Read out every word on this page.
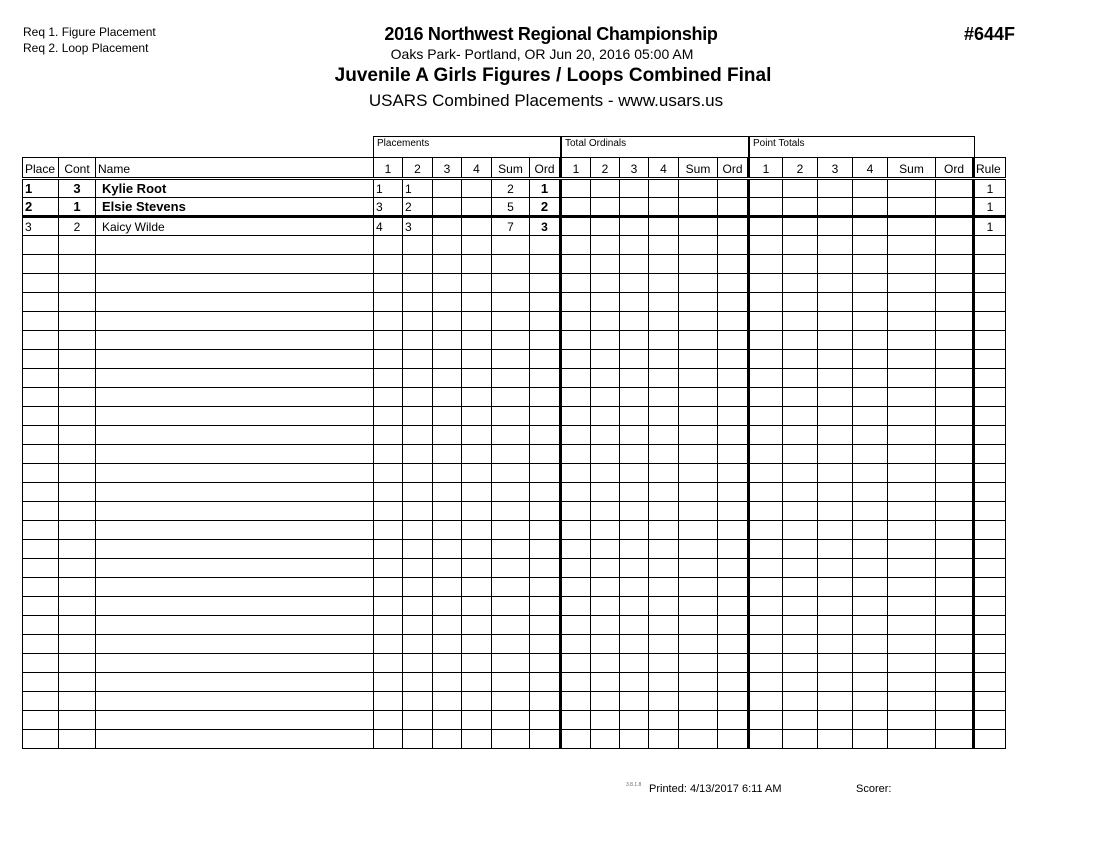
Req 1. Figure Placement
Req 2. Loop Placement
2016 Northwest Regional Championship
Oaks Park- Portland, OR Jun 20, 2016 05:00 AM
Juvenile A Girls Figures / Loops Combined Final
USARS Combined Placements - www.usars.us
#644F
Placements	Total Ordinals	Point Totals
Place	Cont	Name	1	2	3	4	Sum	Ord	1	2	3	4	Sum	Ord	1	2	3	4	Sum	Ord	Rule
1	3	Kylie Root	1	1			2	1													1
2	1	Elsie Stevens	3	2			5	2													1
3	2	Kaicy Wilde	4	3			7	3													1

3.8.1.8 Printed: 4/13/2017 6:11 AM	Scorer:
